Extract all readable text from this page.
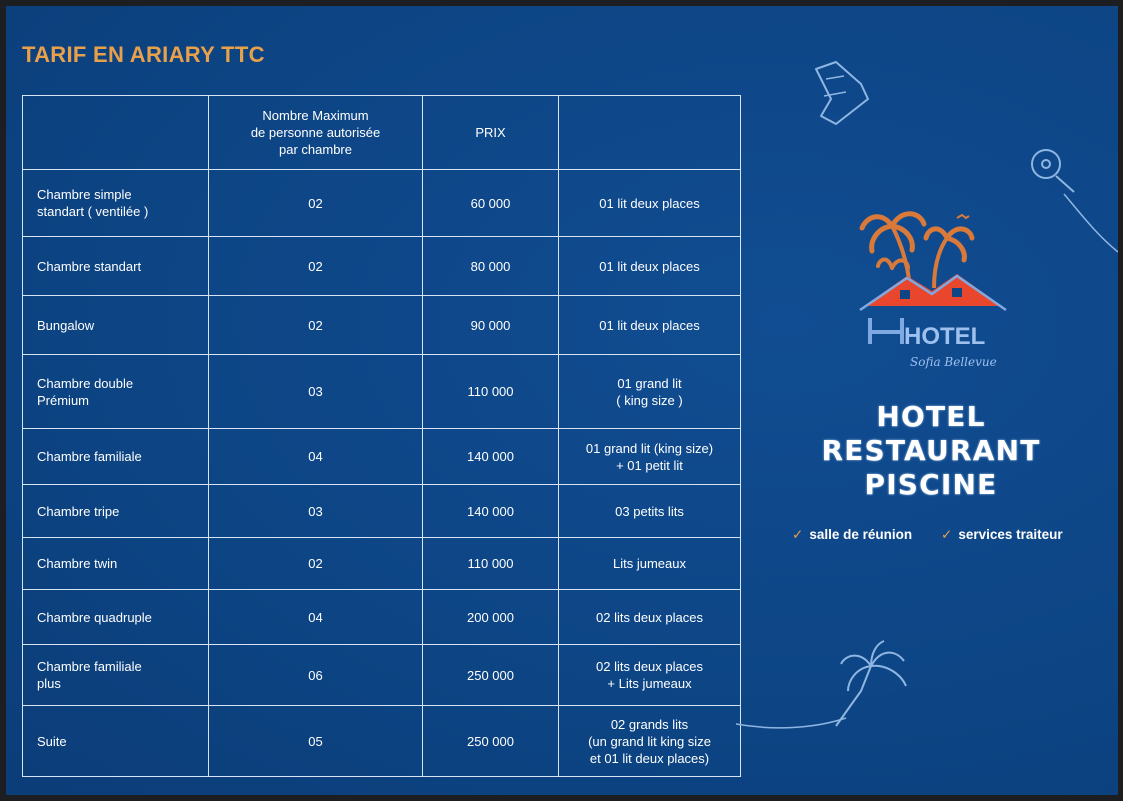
TARIF EN ARIARY TTC

	Nombre Maximum
de personne autorisée
par chambre	PRIX	

Chambre simple
standart ( ventilée )	02	60 000	01 lit deux places

Chambre standart	02	80 000	01 lit deux places

Bungalow	02	90 000	01 lit deux places

Chambre double
Prémium	03	110 000	01 grand lit
( king size )

Chambre familiale	04	140 000	01 grand lit (king size)
+ 01 petit lit

Chambre tripe	03	140 000	03 petits lits

Chambre twin	02	110 000	Lits jumeaux

Chambre quadruple	04	200 000	02 lits deux places

Chambre familiale
plus	06	250 000	02 lits deux places
+ Lits jumeaux

Suite	05	250 000	02 grands lits
(un grand lit king size
et 01 lit deux places)
HOTEL
Sofia Bellevue
HOTEL
RESTAURANT
PISCINE
✓ salle de réunion ✓ services traiteur
